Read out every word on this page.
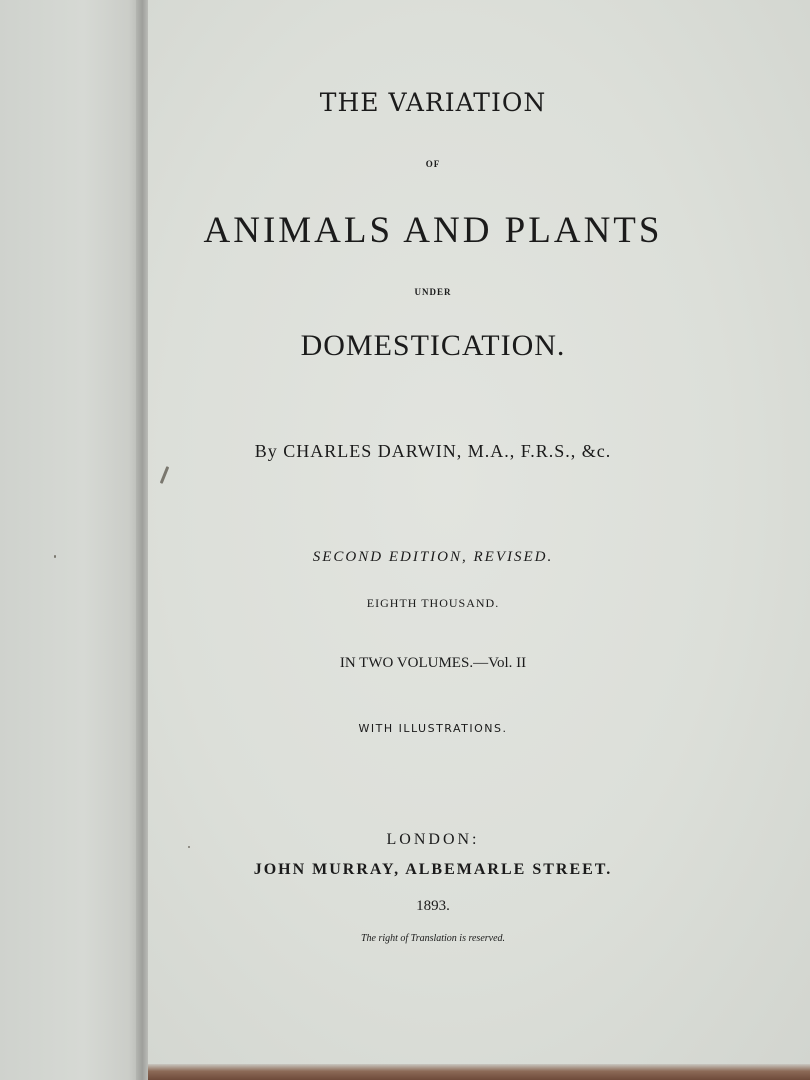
THE VARIATION
OF
ANIMALS AND PLANTS
UNDER
DOMESTICATION.
By CHARLES DARWIN, M.A., F.R.S., &c.
SECOND EDITION, REVISED.
EIGHTH THOUSAND.
IN TWO VOLUMES.—Vol. II
WITH ILLUSTRATIONS.
LONDON:
JOHN MURRAY, ALBEMARLE STREET.
1893.
The right of Translation is reserved.
